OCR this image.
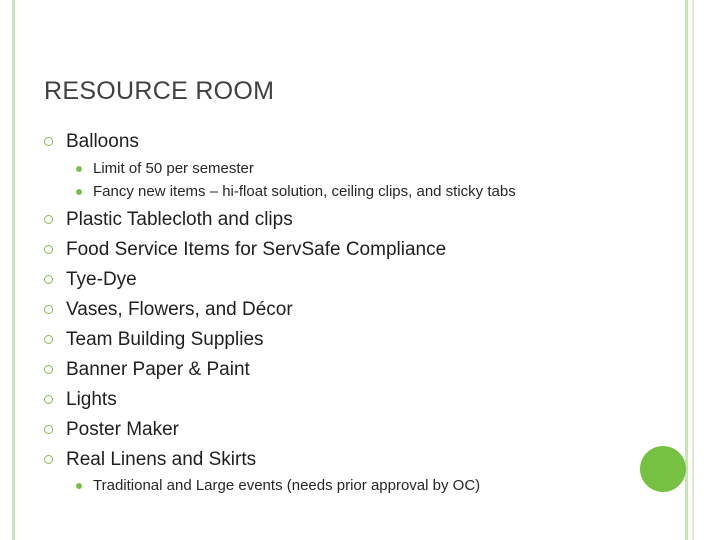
RESOURCE ROOM
Balloons
Limit of 50 per semester
Fancy new items – hi-float solution, ceiling clips, and sticky tabs
Plastic Tablecloth and clips
Food Service Items for ServSafe Compliance
Tye-Dye
Vases, Flowers, and Décor
Team Building Supplies
Banner Paper & Paint
Lights
Poster Maker
Real Linens and Skirts
Traditional and Large events (needs prior approval by OC)
